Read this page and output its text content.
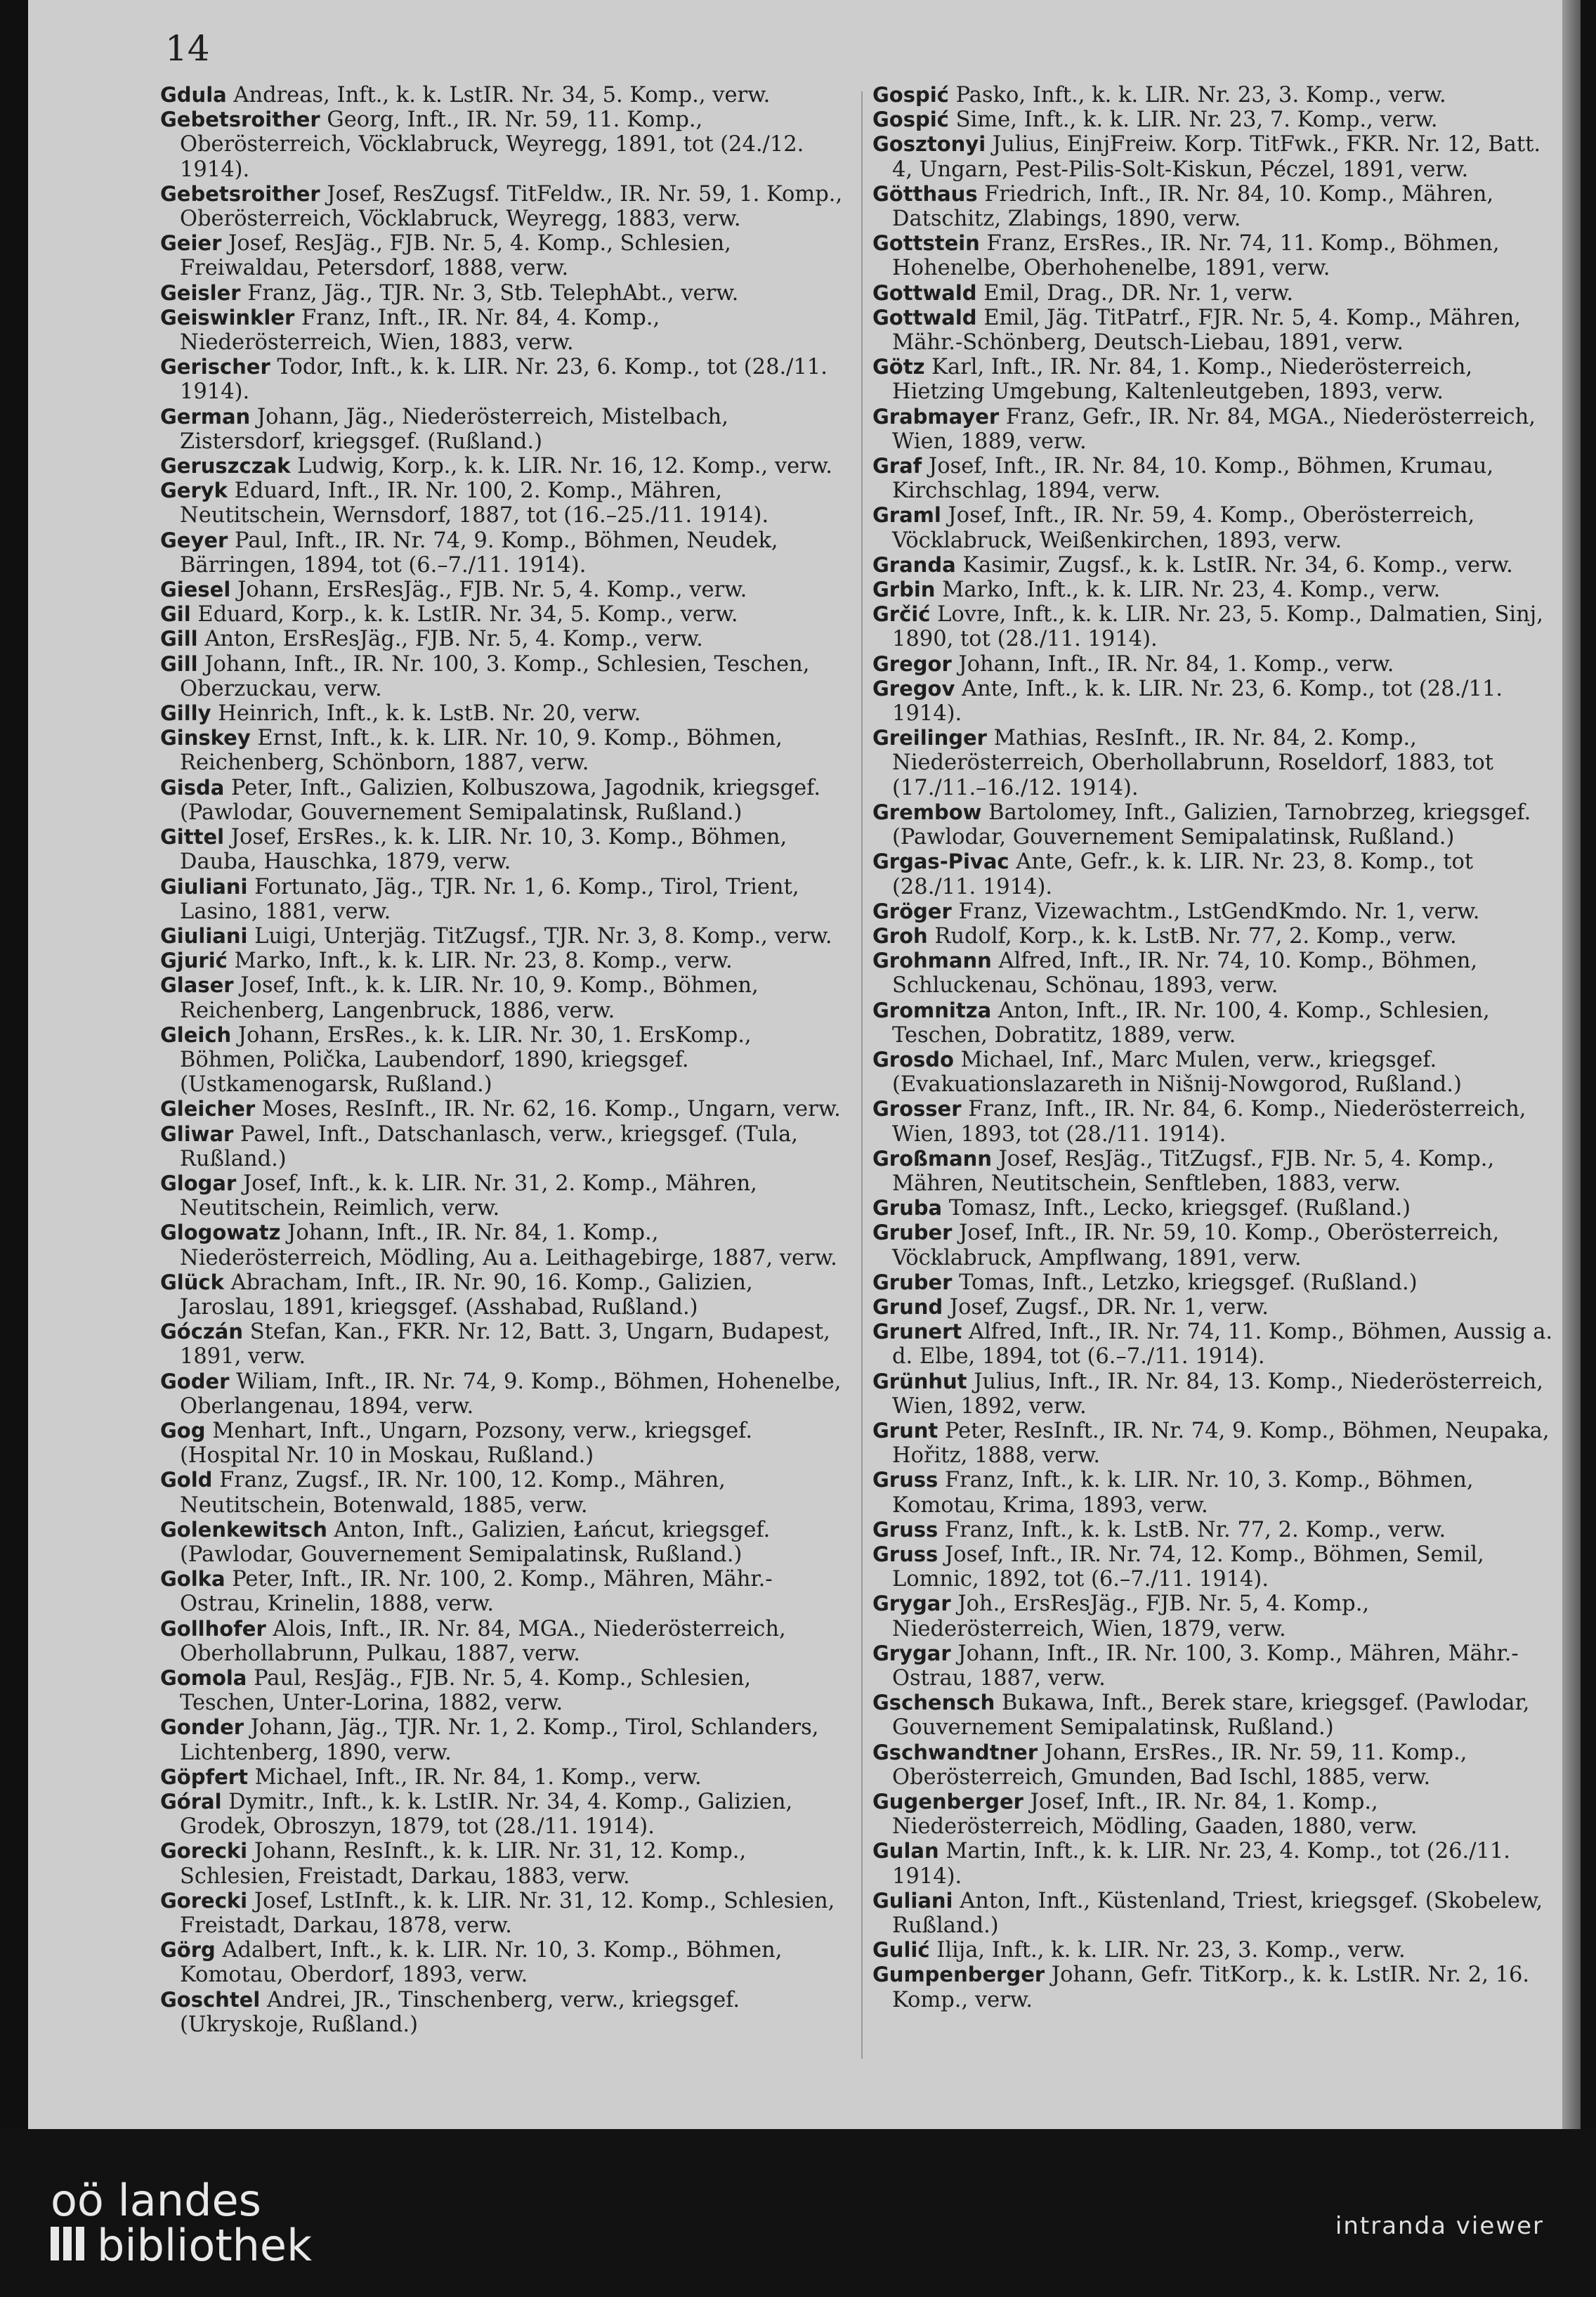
14
Gdula Andreas, Inft., k. k. LstIR. Nr. 34, 5. Komp., verw.
Gebetsroither Georg, Inft., IR. Nr. 59, 11. Komp., Oberösterreich, Vöcklabruck, Weyregg, 1891, tot (24./12. 1914).
Gebetsroither Josef, ResZugsf. TitFeldw., IR. Nr. 59, 1. Komp., Oberösterreich, Vöcklabruck, Weyregg, 1883, verw.
Geier Josef, ResJäg., FJB. Nr. 5, 4. Komp., Schlesien, Freiwaldau, Petersdorf, 1888, verw.
Geisler Franz, Jäg., TJR. Nr. 3, Stb. TelephAbt., verw.
Geiswinkler Franz, Inft., IR. Nr. 84, 4. Komp., Niederösterreich, Wien, 1883, verw.
Gerischer Todor, Inft., k. k. LIR. Nr. 23, 6. Komp., tot (28./11. 1914).
German Johann, Jäg., Niederösterreich, Mistelbach, Zistersdorf, kriegsgef. (Rußland.)
Geruszczak Ludwig, Korp., k. k. LIR. Nr. 16, 12. Komp., verw.
Geryk Eduard, Inft., IR. Nr. 100, 2. Komp., Mähren, Neutitschein, Wernsdorf, 1887, tot (16.–25./11. 1914).
Geyer Paul, Inft., IR. Nr. 74, 9. Komp., Böhmen, Neudek, Bärringen, 1894, tot (6.–7./11. 1914).
Giesel Johann, ErsResJäg., FJB. Nr. 5, 4. Komp., verw.
Gil Eduard, Korp., k. k. LstIR. Nr. 34, 5. Komp., verw.
Gill Anton, ErsResJäg., FJB. Nr. 5, 4. Komp., verw.
Gill Johann, Inft., IR. Nr. 100, 3. Komp., Schlesien, Teschen, Oberzuckau, verw.
Gilly Heinrich, Inft., k. k. LstB. Nr. 20, verw.
Ginskey Ernst, Inft., k. k. LIR. Nr. 10, 9. Komp., Böhmen, Reichenberg, Schönborn, 1887, verw.
Gisda Peter, Inft., Galizien, Kolbuszowa, Jagodnik, kriegsgef. (Pawlodar, Gouvernement Semipalatinsk, Rußland.)
Gittel Josef, ErsRes., k. k. LIR. Nr. 10, 3. Komp., Böhmen, Dauba, Hauschka, 1879, verw.
Giuliani Fortunato, Jäg., TJR. Nr. 1, 6. Komp., Tirol, Trient, Lasino, 1881, verw.
Giuliani Luigi, Unterjäg. TitZugsf., TJR. Nr. 3, 8. Komp., verw.
Gjurić Marko, Inft., k. k. LIR. Nr. 23, 8. Komp., verw.
Glaser Josef, Inft., k. k. LIR. Nr. 10, 9. Komp., Böhmen, Reichenberg, Langenbruck, 1886, verw.
Gleich Johann, ErsRes., k. k. LIR. Nr. 30, 1. ErsKomp., Böhmen, Polička, Laubendorf, 1890, kriegsgef. (Ustkamenogarsk, Rußland.)
Gleicher Moses, ResInft., IR. Nr. 62, 16. Komp., Ungarn, verw.
Gliwar Pawel, Inft., Datschanlasch, verw., kriegsgef. (Tula, Rußland.)
Glogar Josef, Inft., k. k. LIR. Nr. 31, 2. Komp., Mähren, Neutitschein, Reimlich, verw.
Glogowatz Johann, Inft., IR. Nr. 84, 1. Komp., Niederösterreich, Mödling, Au a. Leithagebirge, 1887, verw.
Glück Abracham, Inft., IR. Nr. 90, 16. Komp., Galizien, Jaroslau, 1891, kriegsgef. (Asshabad, Rußland.)
Góczán Stefan, Kan., FKR. Nr. 12, Batt. 3, Ungarn, Budapest, 1891, verw.
Goder Wiliam, Inft., IR. Nr. 74, 9. Komp., Böhmen, Hohenelbe, Oberlangenau, 1894, verw.
Gog Menhart, Inft., Ungarn, Pozsony, verw., kriegsgef. (Hospital Nr. 10 in Moskau, Rußland.)
Gold Franz, Zugsf., IR. Nr. 100, 12. Komp., Mähren, Neutitschein, Botenwald, 1885, verw.
Golenkewitsch Anton, Inft., Galizien, Łańcut, kriegsgef. (Pawlodar, Gouvernement Semipalatinsk, Rußland.)
Golka Peter, Inft., IR. Nr. 100, 2. Komp., Mähren, Mähr.-Ostrau, Krinelin, 1888, verw.
Gollhofer Alois, Inft., IR. Nr. 84, MGA., Niederösterreich, Oberhollabrunn, Pulkau, 1887, verw.
Gomola Paul, ResJäg., FJB. Nr. 5, 4. Komp., Schlesien, Teschen, Unter-Lorina, 1882, verw.
Gonder Johann, Jäg., TJR. Nr. 1, 2. Komp., Tirol, Schlanders, Lichtenberg, 1890, verw.
Göpfert Michael, Inft., IR. Nr. 84, 1. Komp., verw.
Góral Dymitr., Inft., k. k. LstIR. Nr. 34, 4. Komp., Galizien, Grodek, Obroszyn, 1879, tot (28./11. 1914).
Gorecki Johann, ResInft., k. k. LIR. Nr. 31, 12. Komp., Schlesien, Freistadt, Darkau, 1883, verw.
Gorecki Josef, LstInft., k. k. LIR. Nr. 31, 12. Komp., Schlesien, Freistadt, Darkau, 1878, verw.
Görg Adalbert, Inft., k. k. LIR. Nr. 10, 3. Komp., Böhmen, Komotau, Oberdorf, 1893, verw.
Goschtel Andrei, JR., Tinschenberg, verw., kriegsgef. (Ukryskoje, Rußland.)
Gospić Pasko, Inft., k. k. LIR. Nr. 23, 3. Komp., verw.
Gospić Sime, Inft., k. k. LIR. Nr. 23, 7. Komp., verw.
Gosztonyi Julius, EinjFreiw. Korp. TitFwk., FKR. Nr. 12, Batt. 4, Ungarn, Pest-Pilis-Solt-Kiskun, Péczel, 1891, verw.
Götthaus Friedrich, Inft., IR. Nr. 84, 10. Komp., Mähren, Datschitz, Zlabings, 1890, verw.
Gottstein Franz, ErsRes., IR. Nr. 74, 11. Komp., Böhmen, Hohenelbe, Oberhohenelbe, 1891, verw.
Gottwald Emil, Drag., DR. Nr. 1, verw.
Gottwald Emil, Jäg. TitPatrf., FJR. Nr. 5, 4. Komp., Mähren, Mähr.-Schönberg, Deutsch-Liebau, 1891, verw.
Götz Karl, Inft., IR. Nr. 84, 1. Komp., Niederösterreich, Hietzing Umgebung, Kaltenleutgeben, 1893, verw.
Grabmayer Franz, Gefr., IR. Nr. 84, MGA., Niederösterreich, Wien, 1889, verw.
Graf Josef, Inft., IR. Nr. 84, 10. Komp., Böhmen, Krumau, Kirchschlag, 1894, verw.
Graml Josef, Inft., IR. Nr. 59, 4. Komp., Oberösterreich, Vöcklabruck, Weißenkirchen, 1893, verw.
Granda Kasimir, Zugsf., k. k. LstIR. Nr. 34, 6. Komp., verw.
Grbin Marko, Inft., k. k. LIR. Nr. 23, 4. Komp., verw.
Grčić Lovre, Inft., k. k. LIR. Nr. 23, 5. Komp., Dalmatien, Sinj, 1890, tot (28./11. 1914).
Gregor Johann, Inft., IR. Nr. 84, 1. Komp., verw.
Gregov Ante, Inft., k. k. LIR. Nr. 23, 6. Komp., tot (28./11. 1914).
Greilinger Mathias, ResInft., IR. Nr. 84, 2. Komp., Niederösterreich, Oberhollabrunn, Roseldorf, 1883, tot (17./11.–16./12. 1914).
Grembow Bartolomey, Inft., Galizien, Tarnobrzeg, kriegsgef. (Pawlodar, Gouvernement Semipalatinsk, Rußland.)
Grgas-Pivac Ante, Gefr., k. k. LIR. Nr. 23, 8. Komp., tot (28./11. 1914).
Gröger Franz, Vizewachtm., LstGendKmdo. Nr. 1, verw.
Groh Rudolf, Korp., k. k. LstB. Nr. 77, 2. Komp., verw.
Grohmann Alfred, Inft., IR. Nr. 74, 10. Komp., Böhmen, Schluckenau, Schönau, 1893, verw.
Gromnitza Anton, Inft., IR. Nr. 100, 4. Komp., Schlesien, Teschen, Dobratitz, 1889, verw.
Grosdo Michael, Inf., Marc Mulen, verw., kriegsgef. (Evakuationslazareth in Nišnij-Nowgorod, Rußland.)
Grosser Franz, Inft., IR. Nr. 84, 6. Komp., Niederösterreich, Wien, 1893, tot (28./11. 1914).
Großmann Josef, ResJäg., TitZugsf., FJB. Nr. 5, 4. Komp., Mähren, Neutitschein, Senftleben, 1883, verw.
Gruba Tomasz, Inft., Lecko, kriegsgef. (Rußland.)
Gruber Josef, Inft., IR. Nr. 59, 10. Komp., Oberösterreich, Vöcklabruck, Ampflwang, 1891, verw.
Gruber Tomas, Inft., Letzko, kriegsgef. (Rußland.)
Grund Josef, Zugsf., DR. Nr. 1, verw.
Grunert Alfred, Inft., IR. Nr. 74, 11. Komp., Böhmen, Aussig a. d. Elbe, 1894, tot (6.–7./11. 1914).
Grünhut Julius, Inft., IR. Nr. 84, 13. Komp., Niederösterreich, Wien, 1892, verw.
Grunt Peter, ResInft., IR. Nr. 74, 9. Komp., Böhmen, Neupaka, Hořitz, 1888, verw.
Gruss Franz, Inft., k. k. LIR. Nr. 10, 3. Komp., Böhmen, Komotau, Krima, 1893, verw.
Gruss Franz, Inft., k. k. LstB. Nr. 77, 2. Komp., verw.
Gruss Josef, Inft., IR. Nr. 74, 12. Komp., Böhmen, Semil, Lomnic, 1892, tot (6.–7./11. 1914).
Grygar Joh., ErsResJäg., FJB. Nr. 5, 4. Komp., Niederösterreich, Wien, 1879, verw.
Grygar Johann, Inft., IR. Nr. 100, 3. Komp., Mähren, Mähr.-Ostrau, 1887, verw.
Gschensch Bukawa, Inft., Berek stare, kriegsgef. (Pawlodar, Gouvernement Semipalatinsk, Rußland.)
Gschwandtner Johann, ErsRes., IR. Nr. 59, 11. Komp., Oberösterreich, Gmunden, Bad Ischl, 1885, verw.
Gugenberger Josef, Inft., IR. Nr. 84, 1. Komp., Niederösterreich, Mödling, Gaaden, 1880, verw.
Gulan Martin, Inft., k. k. LIR. Nr. 23, 4. Komp., tot (26./11. 1914).
Guliani Anton, Inft., Küstenland, Triest, kriegsgef. (Skobelew, Rußland.)
Gulić Ilija, Inft., k. k. LIR. Nr. 23, 3. Komp., verw.
Gumpenberger Johann, Gefr. TitKorp., k. k. LstIR. Nr. 2, 16. Komp., verw.
oö landes
bibliothek	intranda viewer
